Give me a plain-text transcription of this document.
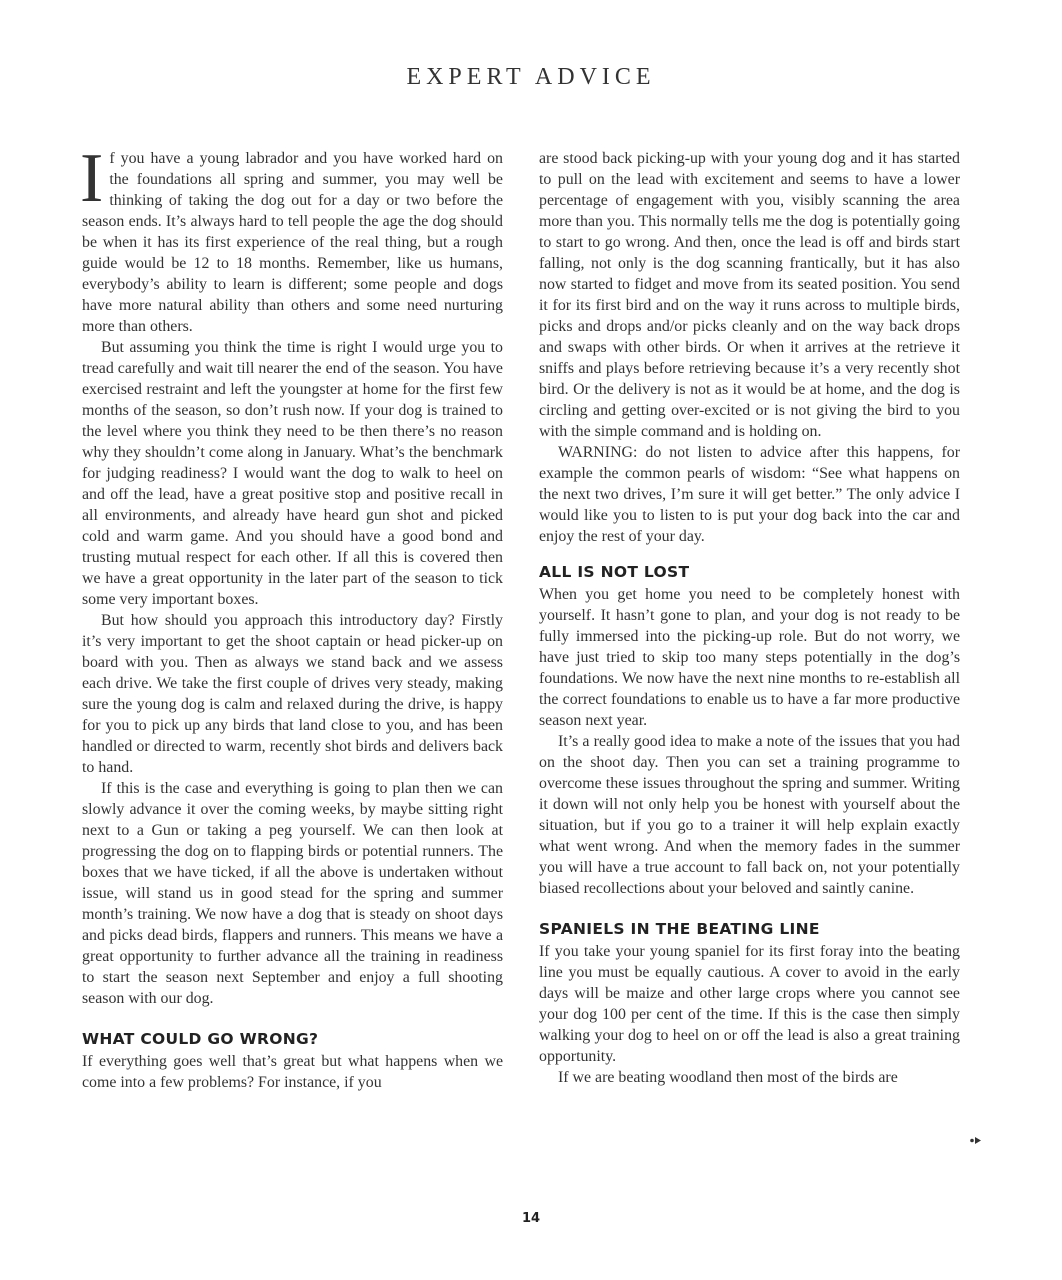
EXPERT ADVICE

If you have a young labrador and you have worked hard on the foundations all spring and summer, you may well be thinking of taking the dog out for a day or two before the season ends. It’s always hard to tell people the age the dog should be when it has its first experience of the real thing, but a rough guide would be 12 to 18 months. Remember, like us humans, everybody’s ability to learn is different; some people and dogs have more natural ability than others and some need nurturing more than others.

But assuming you think the time is right I would urge you to tread carefully and wait till nearer the end of the season. You have exercised restraint and left the youngster at home for the first few months of the season, so don’t rush now. If your dog is trained to the level where you think they need to be then there’s no reason why they shouldn’t come along in January. What’s the benchmark for judging readiness? I would want the dog to walk to heel on and off the lead, have a great positive stop and positive recall in all environments, and already have heard gun shot and picked cold and warm game. And you should have a good bond and trusting mutual respect for each other. If all this is covered then we have a great opportunity in the later part of the season to tick some very important boxes.

But how should you approach this introductory day? Firstly it’s very important to get the shoot captain or head picker-up on board with you. Then as always we stand back and we assess each drive. We take the first couple of drives very steady, making sure the young dog is calm and relaxed during the drive, is happy for you to pick up any birds that land close to you, and has been handled or directed to warm, recently shot birds and delivers back to hand.

If this is the case and everything is going to plan then we can slowly advance it over the coming weeks, by maybe sitting right next to a Gun or taking a peg yourself. We can then look at progressing the dog on to flapping birds or potential runners. The boxes that we have ticked, if all the above is undertaken without issue, will stand us in good stead for the spring and summer month’s training. We now have a dog that is steady on shoot days and picks dead birds, flappers and runners. This means we have a great opportunity to further advance all the training in readiness to start the season next September and enjoy a full shooting season with our dog.

WHAT COULD GO WRONG?

If everything goes well that’s great but what happens when we come into a few problems? For instance, if you

are stood back picking-up with your young dog and it has started to pull on the lead with excitement and seems to have a lower percentage of engagement with you, visibly scanning the area more than you. This normally tells me the dog is potentially going to start to go wrong. And then, once the lead is off and birds start falling, not only is the dog scanning frantically, but it has also now started to fidget and move from its seated position. You send it for its first bird and on the way it runs across to multiple birds, picks and drops and/or picks cleanly and on the way back drops and swaps with other birds. Or when it arrives at the retrieve it sniffs and plays before retrieving because it’s a very recently shot bird. Or the delivery is not as it would be at home, and the dog is circling and getting over-excited or is not giving the bird to you with the simple command and is holding on.

WARNING: do not listen to advice after this happens, for example the common pearls of wisdom: “See what happens on the next two drives, I’m sure it will get better.” The only advice I would like you to listen to is put your dog back into the car and enjoy the rest of your day.

ALL IS NOT LOST

When you get home you need to be completely honest with yourself. It hasn’t gone to plan, and your dog is not ready to be fully immersed into the picking-up role. But do not worry, we have just tried to skip too many steps potentially in the dog’s foundations. We now have the next nine months to re-establish all the correct foundations to enable us to have a far more productive season next year.

It’s a really good idea to make a note of the issues that you had on the shoot day. Then you can set a training programme to overcome these issues throughout the spring and summer. Writing it down will not only help you be honest with yourself about the situation, but if you go to a trainer it will help explain exactly what went wrong. And when the memory fades in the summer you will have a true account to fall back on, not your potentially biased recollections about your beloved and saintly canine.

SPANIELS IN THE BEATING LINE

If you take your young spaniel for its first foray into the beating line you must be equally cautious. A cover to avoid in the early days will be maize and other large crops where you cannot see your dog 100 per cent of the time. If this is the case then simply walking your dog to heel on or off the lead is also a great training opportunity.

If we are beating woodland then most of the birds are

14
